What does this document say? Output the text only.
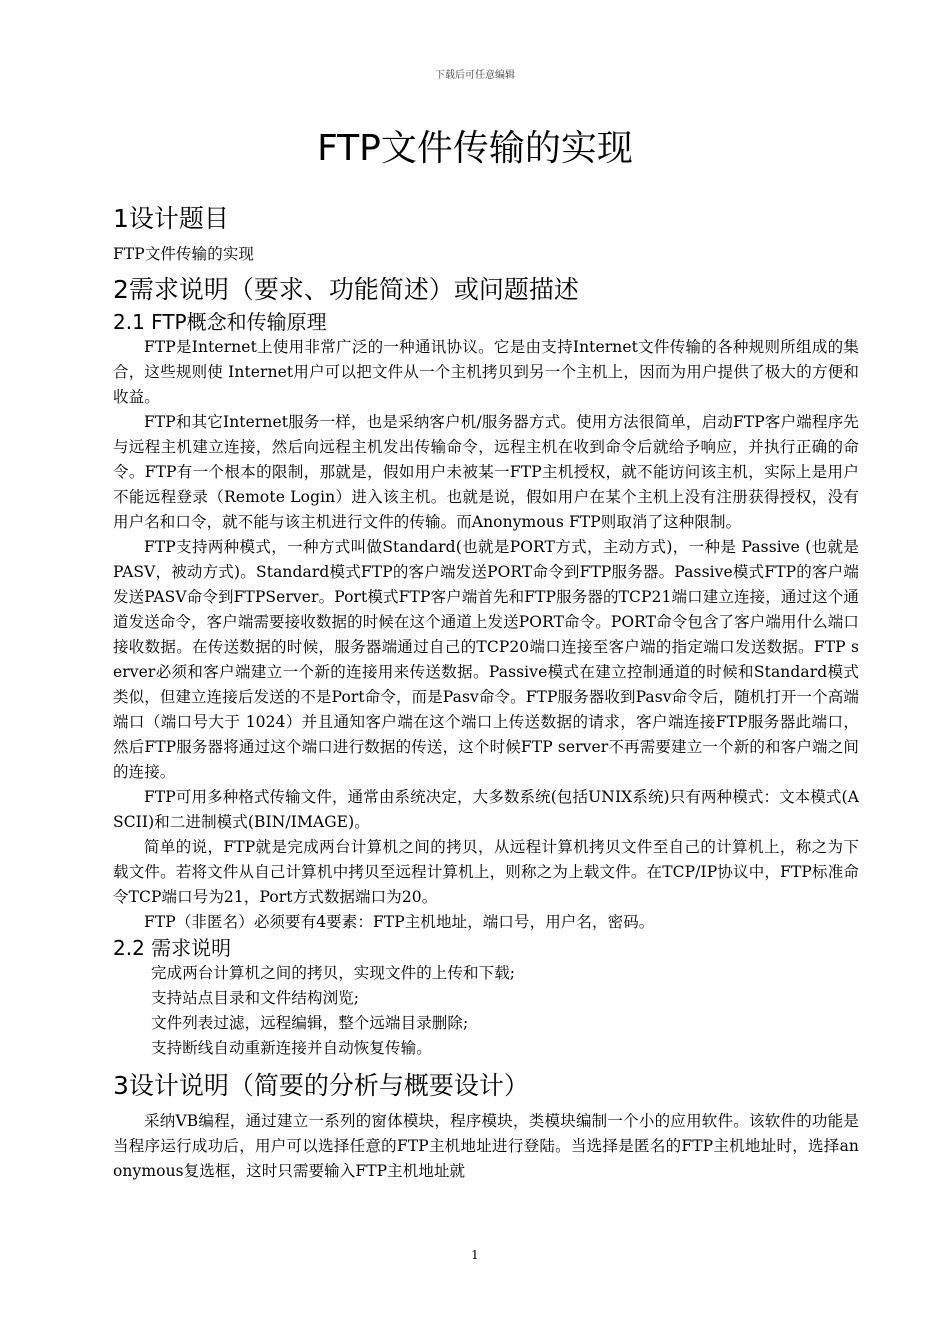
下载后可任意编辑
FTP文件传输的实现
1设计题目

FTP文件传输的实现

2需求说明（要求、功能简述）或问题描述
2.1 FTP概念和传输原理

FTP是Internet上使用非常广泛的一种通讯协议。它是由支持Internet文件传输的各种规则所组成的集合，这些规则使 Internet用户可以把文件从一个主机拷贝到另一个主机上，因而为用户提供了极大的方便和收益。

FTP和其它Internet服务一样，也是采纳客户机/服务器方式。使用方法很简单，启动FTP客户端程序先与远程主机建立连接，然后向远程主机发出传输命令，远程主机在收到命令后就给予响应，并执行正确的命令。FTP有一个根本的限制，那就是，假如用户未被某一FTP主机授权，就不能访问该主机，实际上是用户不能远程登录（Remote Login）进入该主机。也就是说，假如用户在某个主机上没有注册获得授权，没有用户名和口令，就不能与该主机进行文件的传输。而Anonymous FTP则取消了这种限制。

FTP支持两种模式，一种方式叫做Standard(也就是PORT方式，主动方式)，一种是 Passive (也就是PASV，被动方式)。Standard模式FTP的客户端发送PORT命令到FTP服务器。Passive模式FTP的客户端发送PASV命令到FTPServer。Port模式FTP客户端首先和FTP服务器的TCP21端口建立连接，通过这个通道发送命令，客户端需要接收数据的时候在这个通道上发送PORT命令。PORT命令包含了客户端用什么端口接收数据。在传送数据的时候，服务器端通过自己的TCP20端口连接至客户端的指定端口发送数据。FTP server必须和客户端建立一个新的连接用来传送数据。Passive模式在建立控制通道的时候和Standard模式类似，但建立连接后发送的不是Port命令，而是Pasv命令。FTP服务器收到Pasv命令后，随机打开一个高端端口（端口号大于 1024）并且通知客户端在这个端口上传送数据的请求，客户端连接FTP服务器此端口，然后FTP服务器将通过这个端口进行数据的传送，这个时候FTP server不再需要建立一个新的和客户端之间的连接。

FTP可用多种格式传输文件，通常由系统决定，大多数系统(包括UNIX系统)只有两种模式：文本模式(ASCII)和二进制模式(BIN/IMAGE)。

简单的说，FTP就是完成两台计算机之间的拷贝，从远程计算机拷贝文件至自己的计算机上，称之为下载文件。若将文件从自己计算机中拷贝至远程计算机上，则称之为上载文件。在TCP/IP协议中，FTP标准命令TCP端口号为21，Port方式数据端口为20。

FTP（非匿名）必须要有4要素：FTP主机地址，端口号，用户名，密码。

2.2 需求说明

完成两台计算机之间的拷贝，实现文件的上传和下载;

支持站点目录和文件结构浏览;

文件列表过滤，远程编辑，整个远端目录删除;

支持断线自动重新连接并自动恢复传输。

3设计说明（简要的分析与概要设计）

采纳VB编程，通过建立一系列的窗体模块，程序模块，类模块编制一个小的应用软件。该软件的功能是当程序运行成功后，用户可以选择任意的FTP主机地址进行登陆。当选择是匿名的FTP主机地址时，选择anonymous复选框，这时只需要输入FTP主机地址就

1
